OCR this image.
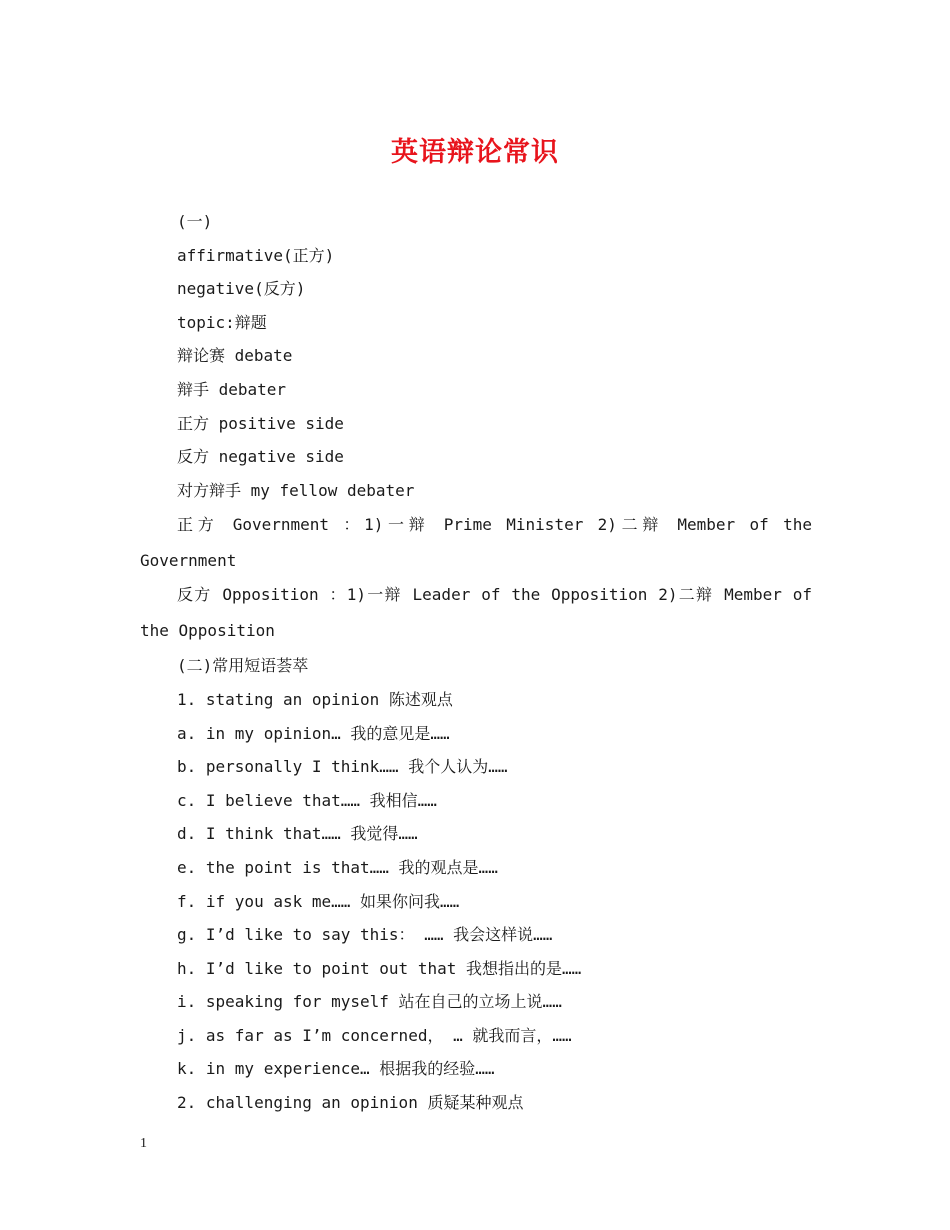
英语辩论常识
(一)
affirmative(正方)
negative(反方)
topic:辩题
辩论赛 debate
辩手 debater
正方 positive side
反方 negative side
对方辩手 my fellow debater
正方 Government ：1)一辩 Prime Minister 2)二辩 Member of the Government
反方 Opposition ：1)一辩 Leader of the Opposition 2)二辩 Member of the Opposition
(二)常用短语荟萃
1. stating an opinion 陈述观点
a. in my opinion… 我的意见是……
b. personally I think…… 我个人认为……
c. I believe that…… 我相信……
d. I think that…… 我觉得……
e. the point is that…… 我的观点是……
f. if you ask me…… 如果你问我……
g. I’d like to say this： …… 我会这样说……
h. I’d like to point out that 我想指出的是……
i. speaking for myself 站在自己的立场上说……
j. as far as I’m concerned， … 就我而言，……
k. in my experience… 根据我的经验……
2. challenging an opinion 质疑某种观点
1
